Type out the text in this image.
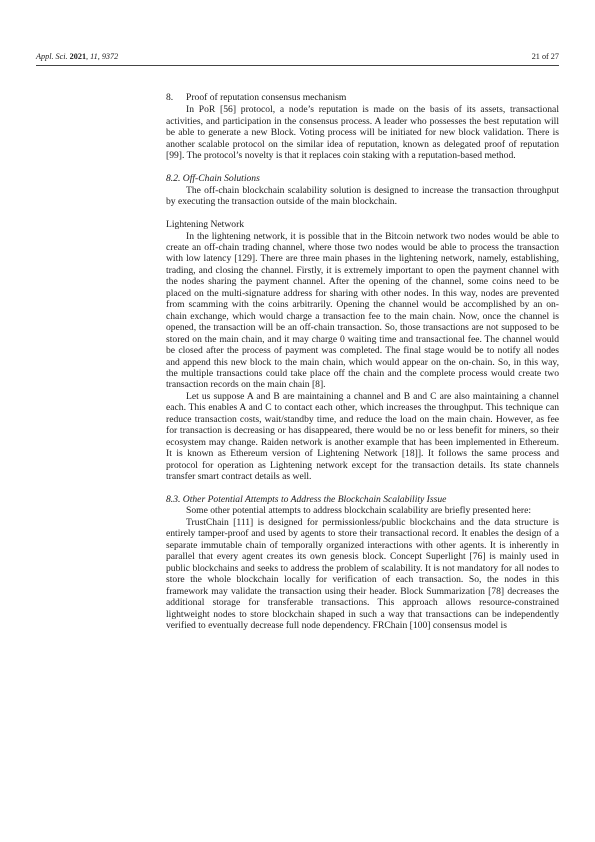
Appl. Sci. 2021, 11, 9372	21 of 27
8. Proof of reputation consensus mechanism

In PoR [56] protocol, a node’s reputation is made on the basis of its assets, transactional activities, and participation in the consensus process. A leader who possesses the best reputation will be able to generate a new Block. Voting process will be initiated for new block validation. There is another scalable protocol on the similar idea of reputation, known as delegated proof of reputation [99]. The protocol’s novelty is that it replaces coin staking with a reputation-based method.

8.2. Off-Chain Solutions

The off-chain blockchain scalability solution is designed to increase the transaction throughput by executing the transaction outside of the main blockchain.

Lightening Network

In the lightening network, it is possible that in the Bitcoin network two nodes would be able to create an off-chain trading channel, where those two nodes would be able to process the transaction with low latency [129]. There are three main phases in the lightening network, namely, establishing, trading, and closing the channel. Firstly, it is extremely important to open the payment channel with the nodes sharing the payment channel. After the opening of the channel, some coins need to be placed on the multi-signature address for sharing with other nodes. In this way, nodes are prevented from scamming with the coins arbitrarily. Opening the channel would be accomplished by an on-chain exchange, which would charge a transaction fee to the main chain. Now, once the channel is opened, the transaction will be an off-chain transaction. So, those transactions are not supposed to be stored on the main chain, and it may charge 0 waiting time and transactional fee. The channel would be closed after the process of payment was completed. The final stage would be to notify all nodes and append this new block to the main chain, which would appear on the on-chain. So, in this way, the multiple transactions could take place off the chain and the complete process would create two transaction records on the main chain [8].

Let us suppose A and B are maintaining a channel and B and C are also maintaining a channel each. This enables A and C to contact each other, which increases the throughput. This technique can reduce transaction costs, wait/standby time, and reduce the load on the main chain. However, as fee for transaction is decreasing or has disappeared, there would be no or less benefit for miners, so their ecosystem may change. Raiden network is another example that has been implemented in Ethereum. It is known as Ethereum version of Lightening Network [18]]. It follows the same process and protocol for operation as Lightening network except for the transaction details. Its state channels transfer smart contract details as well.

8.3. Other Potential Attempts to Address the Blockchain Scalability Issue

Some other potential attempts to address blockchain scalability are briefly presented here:

TrustChain [111] is designed for permissionless/public blockchains and the data structure is entirely tamper-proof and used by agents to store their transactional record. It enables the design of a separate immutable chain of temporally organized interactions with other agents. It is inherently in parallel that every agent creates its own genesis block. Concept Superlight [76] is mainly used in public blockchains and seeks to address the problem of scalability. It is not mandatory for all nodes to store the whole blockchain locally for verification of each transaction. So, the nodes in this framework may validate the transaction using their header. Block Summarization [78] decreases the additional storage for transferable transactions. This approach allows resource-constrained lightweight nodes to store blockchain shaped in such a way that transactions can be independently verified to eventually decrease full node dependency. FRChain [100] consensus model is
